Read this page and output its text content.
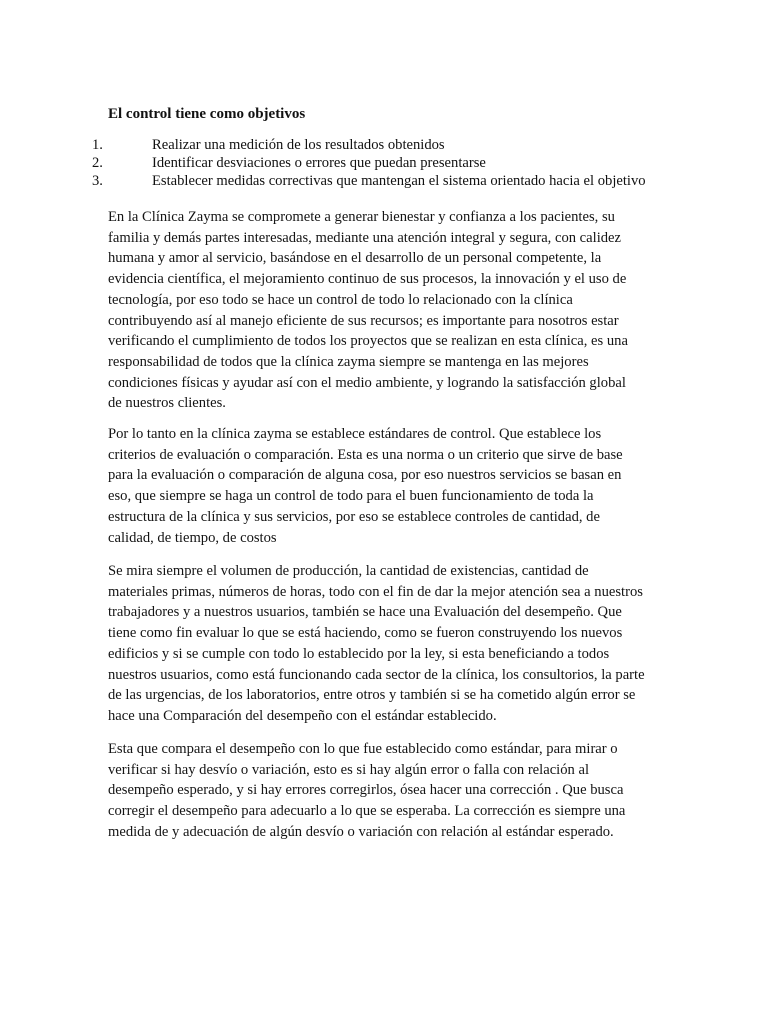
El control tiene como objetivos
1.	Realizar una medición de los resultados obtenidos
2.	Identificar desviaciones o errores que puedan presentarse
3.	Establecer medidas correctivas que mantengan el sistema orientado hacia el objetivo

En la Clínica Zayma se compromete a generar bienestar y confianza a los pacientes, su
familia y demás partes interesadas, mediante una atención integral y segura, con calidez
humana y amor al servicio, basándose en el desarrollo de un personal competente, la
evidencia científica, el mejoramiento continuo de sus procesos, la innovación y el uso de
tecnología, por eso todo se hace un control de todo lo relacionado con la clínica
contribuyendo así al manejo eficiente de sus recursos; es importante para nosotros estar
verificando el cumplimiento de todos los proyectos que se realizan en esta clínica, es una
responsabilidad de todos que la clínica zayma siempre se mantenga en las mejores
condiciones físicas y ayudar así con el medio ambiente, y logrando la satisfacción global
de nuestros clientes.

Por lo tanto en la clínica zayma se establece estándares de control. Que establece los
criterios de evaluación o comparación. Esta es una norma o un criterio que sirve de base
para la evaluación o comparación de alguna cosa, por eso nuestros servicios se basan en
eso, que siempre se haga un control de todo para el buen funcionamiento de toda la
estructura de la clínica y sus servicios, por eso se establece controles de cantidad, de
calidad, de tiempo, de costos

Se mira siempre el volumen de producción, la cantidad de existencias, cantidad de
materiales primas, números de horas, todo con el fin de dar la mejor atención sea a nuestros
trabajadores y a nuestros usuarios, también se hace una Evaluación del desempeño. Que
tiene como fin evaluar lo que se está haciendo, como se fueron construyendo los nuevos
edificios y si se cumple con todo lo establecido por la ley, si esta beneficiando a todos
nuestros usuarios, como está funcionando cada sector de la clínica, los consultorios, la parte
de las urgencias, de los laboratorios, entre otros y también si se ha cometido algún error se
hace una Comparación del desempeño con el estándar establecido.

Esta que compara el desempeño con lo que fue establecido como estándar, para mirar o
verificar si hay desvío o variación, esto es si hay algún error o falla con relación al
desempeño esperado, y si hay errores corregirlos, ósea hacer una corrección . Que busca
corregir el desempeño para adecuarlo a lo que se esperaba. La corrección es siempre una
medida de y adecuación de algún desvío o variación con relación al estándar esperado.
